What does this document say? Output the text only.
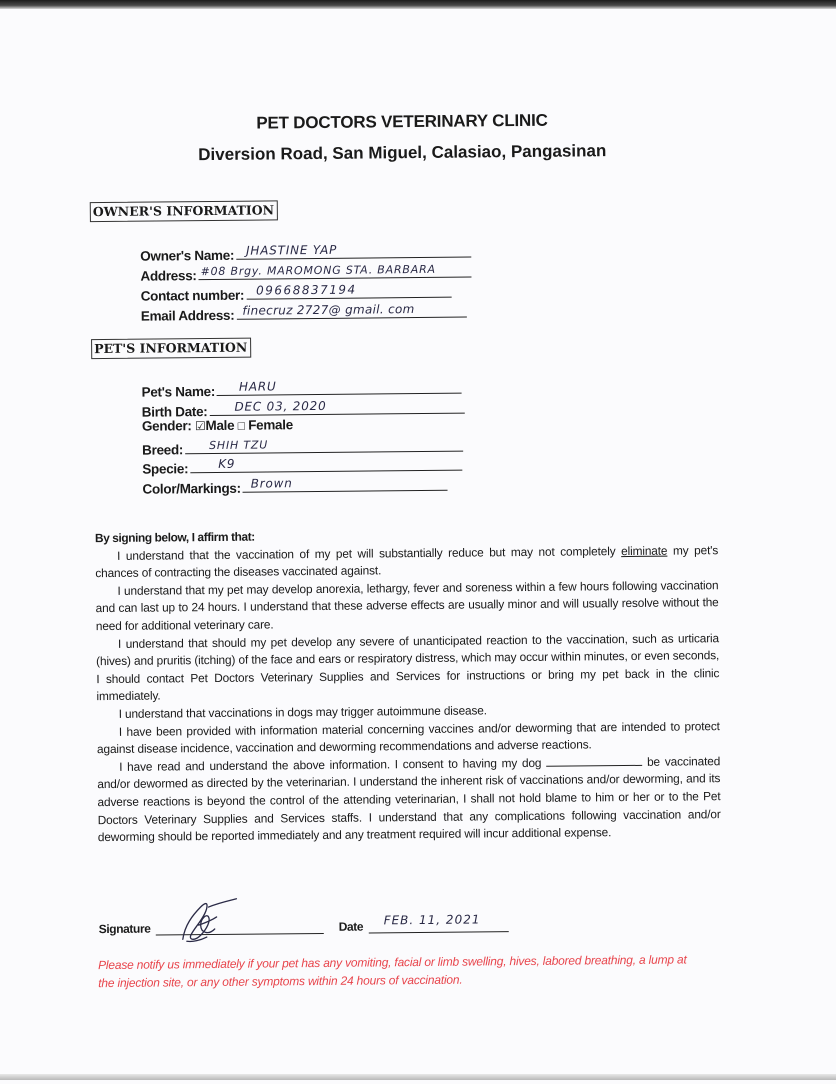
PET DOCTORS VETERINARY CLINIC
Diversion Road, San Miguel, Calasiao, Pangasinan
OWNER'S INFORMATION
Owner's Name: JHASTINE YAP
Address: #08 Brgy. MAROMONG STA. BARBARA
Contact number: 09668837194
Email Address: finecruz 2727@ gmail. com
PET'S INFORMATION
Pet's Name: HARU
Birth Date: DEC 03, 2020
Gender: ☑Male □ Female
Breed: SHIH TZU
Specie: K9
Color/Markings: Brown

By signing below, I affirm that:

I understand that the vaccination of my pet will substantially reduce but may not completely eliminate my pet's chances of contracting the diseases vaccinated against.

I understand that my pet may develop anorexia, lethargy, fever and soreness within a few hours following vaccination and can last up to 24 hours. I understand that these adverse effects are usually minor and will usually resolve without the need for additional veterinary care.

I understand that should my pet develop any severe of unanticipated reaction to the vaccination, such as urticaria (hives) and pruritis (itching) of the face and ears or respiratory distress, which may occur within minutes, or even seconds, I should contact Pet Doctors Veterinary Supplies and Services for instructions or bring my pet back in the clinic immediately.

I understand that vaccinations in dogs may trigger autoimmune disease.

I have been provided with information material concerning vaccines and/or deworming that are intended to protect against disease incidence, vaccination and deworming recommendations and adverse reactions.

I have read and understand the above information. I consent to having my dog	be vaccinated and/or dewormed as directed by the veterinarian. I understand the inherent risk of vaccinations and/or deworming, and its adverse reactions is beyond the control of the attending veterinarian, I shall not hold blame to him or her or to the Pet Doctors Veterinary Supplies and Services staffs. I understand that any complications following vaccination and/or deworming should be reported immediately and any treatment required will incur additional expense.

Signature	Date FEB. 11, 2021
Please notify us immediately if your pet has any vomiting, facial or limb swelling, hives, labored breathing, a lump at the injection site, or any other symptoms within 24 hours of vaccination.
